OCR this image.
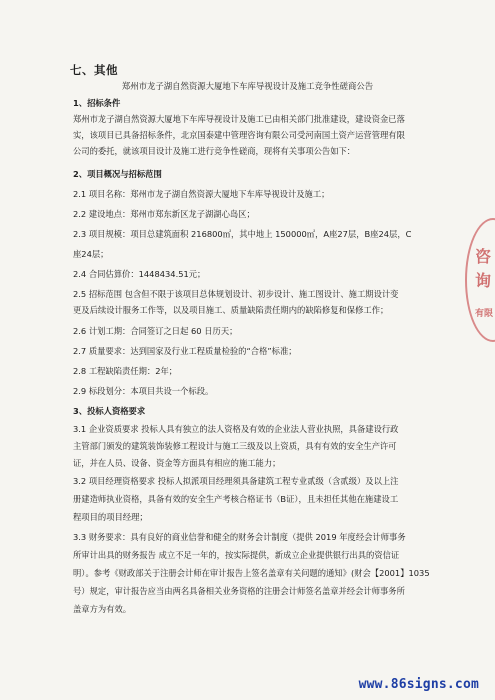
七、其他
郑州市龙子湖自然资源大厦地下车库导视设计及施工竞争性磋商公告
1、招标条件
郑州市龙子湖自然资源大厦地下车库导视设计及施工已由相关部门批准建设，建设资金已落
实，该项目已具备招标条件，北京国泰建中管理咨询有限公司受河南国土资产运营管理有限
公司的委托，就该项目设计及施工进行竞争性磋商，现将有关事项公告如下：
2、项目概况与招标范围
2.1 项目名称：郑州市龙子湖自然资源大厦地下车库导视设计及施工；
2.2 建设地点：郑州市郑东新区龙子湖湖心岛区；
2.3 项目规模：项目总建筑面积 216800㎡，其中地上 150000㎡，A座27层，B座24层，C
座24层；
2.4 合同估算价：1448434.51元；
2.5 招标范围 包含但不限于该项目总体规划设计、初步设计、施工图设计、施工期设计变
更及后续设计服务工作等，以及项目施工、质量缺陷责任期内的缺陷修复和保修工作；
2.6 计划工期：合同签订之日起 60 日历天；
2.7 质量要求：达到国家及行业工程质量检验的“合格”标准；
2.8 工程缺陷责任期：2年；
2.9 标段划分：本项目共设一个标段。
3、投标人资格要求
3.1 企业资质要求 投标人具有独立的法人资格及有效的企业法人营业执照，具备建设行政
主管部门颁发的建筑装饰装修工程设计与施工三级及以上资质，具有有效的安全生产许可
证，并在人员、设备、资金等方面具有相应的施工能力；
3.2 项目经理资格要求 投标人拟派项目经理须具备建筑工程专业贰级（含贰级）及以上注
册建造师执业资格，具备有效的安全生产考核合格证书（B证），且未担任其他在施建设工
程项目的项目经理；
3.3 财务要求：具有良好的商业信誉和健全的财务会计制度（提供 2019 年度经会计师事务
所审计出具的财务报告 成立不足一年的，按实际提供，新成立企业提供银行出具的资信证
明）。参考《财政部关于注册会计师在审计报告上签名盖章有关问题的通知》(财会【2001】1035
号）规定，审计报告应当由两名具备相关业务资格的注册会计师签名盖章并经会计师事务所
盖章方为有效。
咨
询
有限
www.86signs.com
